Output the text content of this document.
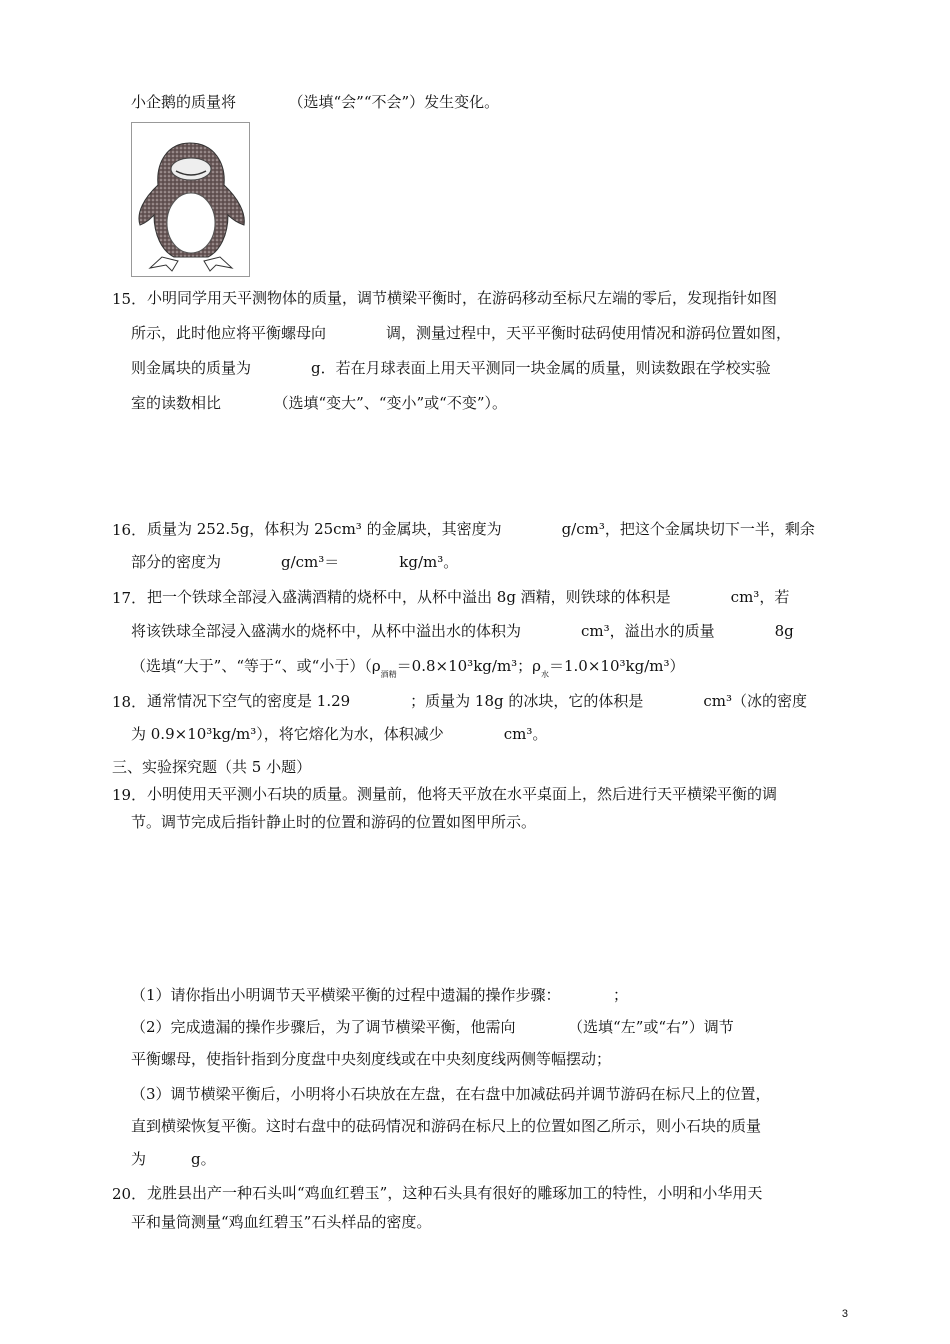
小企鹅的质量将　　　　（选填“会”“不会”）发生变化。
15． 小明同学用天平测物体的质量，调节横梁平衡时，在游码移动至标尺左端的零后，发现指针如图
所示，此时他应将平衡螺母向　　　　调，测量过程中，天平平衡时砝码使用情况和游码位置如图，
则金属块的质量为　　　　g．若在月球表面上用天平测同一块金属的质量，则读数跟在学校实验
室的读数相比　　　　（选填“变大”、“变小”或“不变”）。
16． 质量为 252.5g，体积为 25cm³ 的金属块，其密度为　　　　g/cm³，把这个金属块切下一半，剩余
部分的密度为　　　　g/cm³＝　　　　kg/m³。
17． 把一个铁球全部浸入盛满酒精的烧杯中，从杯中溢出 8g 酒精，则铁球的体积是　　　　cm³，若
将该铁球全部浸入盛满水的烧杯中，从杯中溢出水的体积为　　　　cm³，溢出水的质量　　　　8g
（选填“大于”、“等于“、或“小于）（$\rho_{酒精}=0.8\times 10^3kg/m^3$；$\rho_水=1.0\times 10^3kg/m^3$）
18． 通常情况下空气的密度是 1.29　　　　；质量为 18g 的冰块，它的体积是　　　　cm³（冰的密度
为 0.9×10³kg/m³），将它熔化为水，体积减少　　　　cm³。
三、实验探究题（共 5 小题）
19． 小明使用天平测小石块的质量。测量前，他将天平放在水平桌面上，然后进行天平横梁平衡的调
节。调节完成后指针静止时的位置和游码的位置如图甲所示。
（1）请你指出小明调节天平横梁平衡的过程中遗漏的操作步骤：　　　　；
（2）完成遗漏的操作步骤后，为了调节横梁平衡，他需向　　　　（选填“左”或“右”）调节
平衡螺母，使指针指到分度盘中央刻度线或在中央刻度线两侧等幅摆动；
（3）调节横梁平衡后，小明将小石块放在左盘，在右盘中加减砝码并调节游码在标尺上的位置，
直到横梁恢复平衡。这时右盘中的砝码情况和游码在标尺上的位置如图乙所示，则小石块的质量
为　　　g。
20． 龙胜县出产一种石头叫“鸡血红碧玉”，这种石头具有很好的雕琢加工的特性，小明和小华用天
平和量筒测量“鸡血红碧玉”石头样品的密度。
3
